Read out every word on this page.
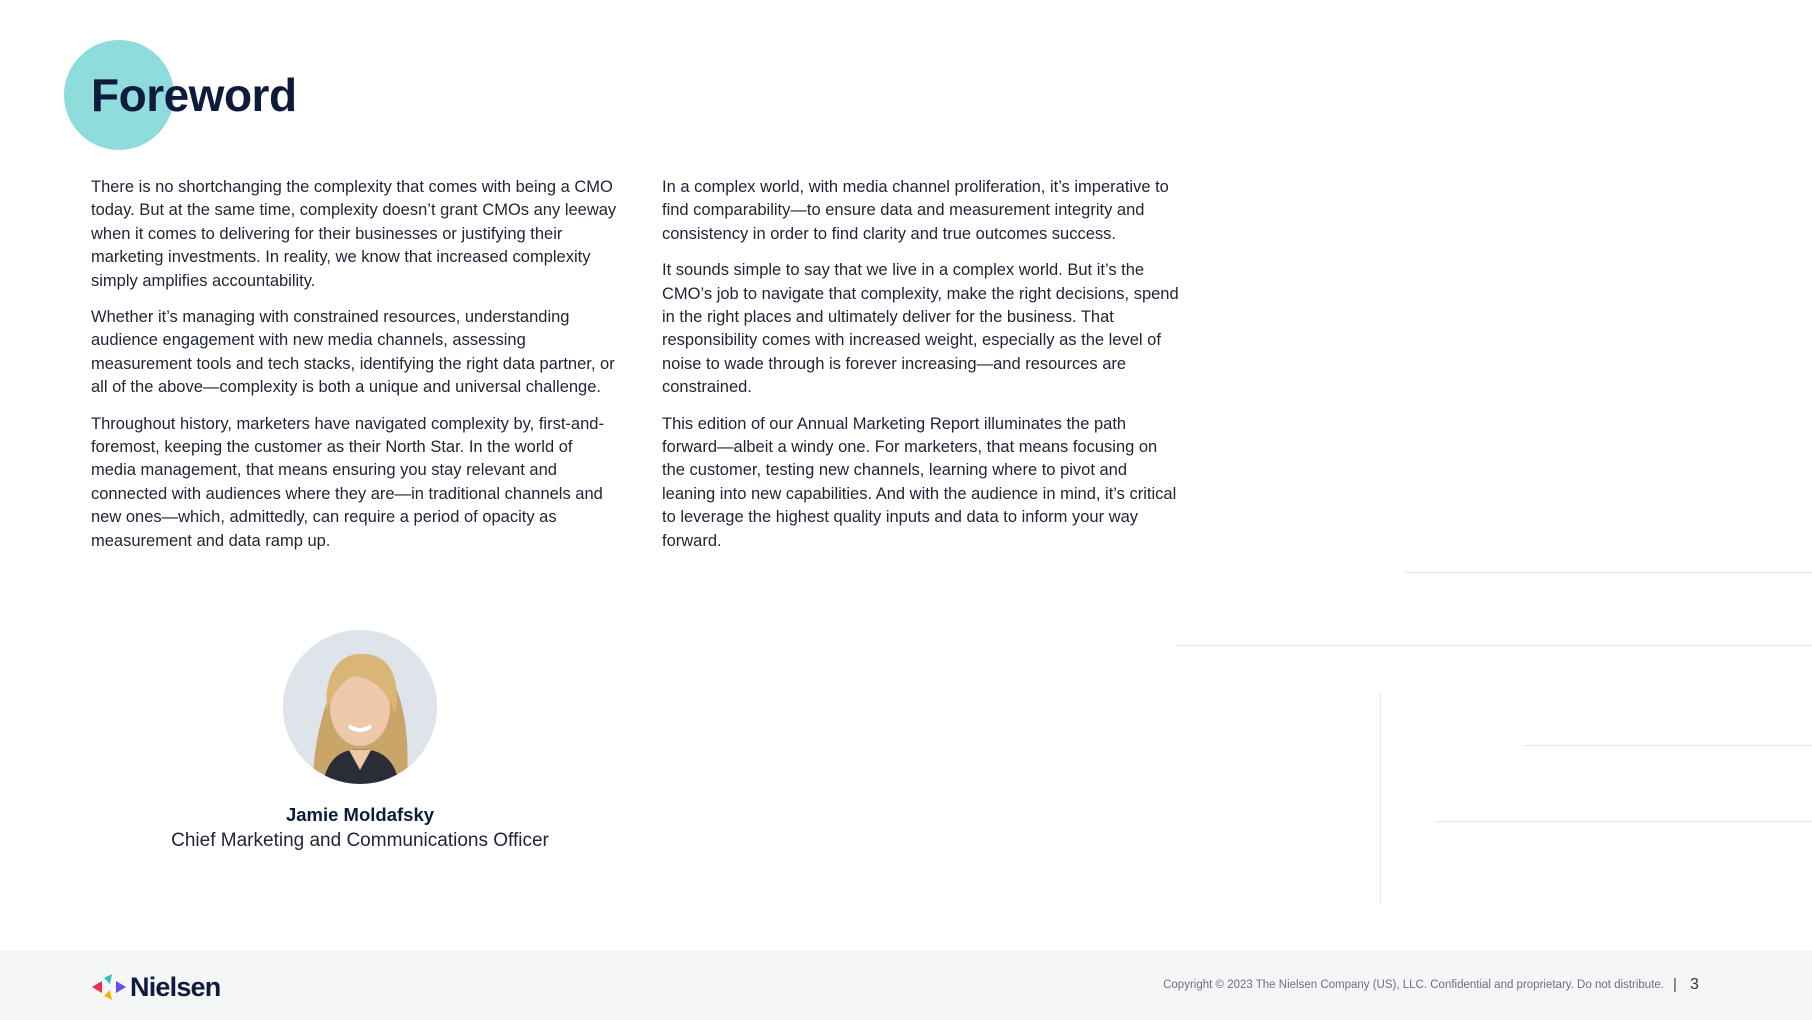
Foreword

There is no shortchanging the complexity that comes with being a CMO today. But at the same time, complexity doesn’t grant CMOs any leeway when it comes to delivering for their businesses or justifying their marketing investments. In reality, we know that increased complexity simply amplifies accountability.

Whether it’s managing with constrained resources, understanding audience engagement with new media channels, assessing measurement tools and tech stacks, identifying the right data partner, or all of the above—complexity is both a unique and universal challenge.

Throughout history, marketers have navigated complexity by, first-and-foremost, keeping the customer as their North Star. In the world of media management, that means ensuring you stay relevant and connected with audiences where they are—in traditional channels and new ones—which, admittedly, can require a period of opacity as measurement and data ramp up.

In a complex world, with media channel proliferation, it’s imperative to find comparability—to ensure data and measurement integrity and consistency in order to find clarity and true outcomes success.

It sounds simple to say that we live in a complex world. But it’s the CMO’s job to navigate that complexity, make the right decisions, spend in the right places and ultimately deliver for the business. That responsibility comes with increased weight, especially as the level of noise to wade through is forever increasing—and resources are constrained.

This edition of our Annual Marketing Report illuminates the path forward—albeit a windy one. For marketers, that means focusing on the customer, testing new channels, learning where to pivot and leaning into new capabilities. And with the audience in mind, it’s critical to leverage the highest quality inputs and data to inform your way forward.

Jamie Moldafsky
Chief Marketing and Communications Officer
Nielsen	Copyright © 2023 The Nielsen Company (US), LLC. Confidential and proprietary. Do not distribute. | 3
